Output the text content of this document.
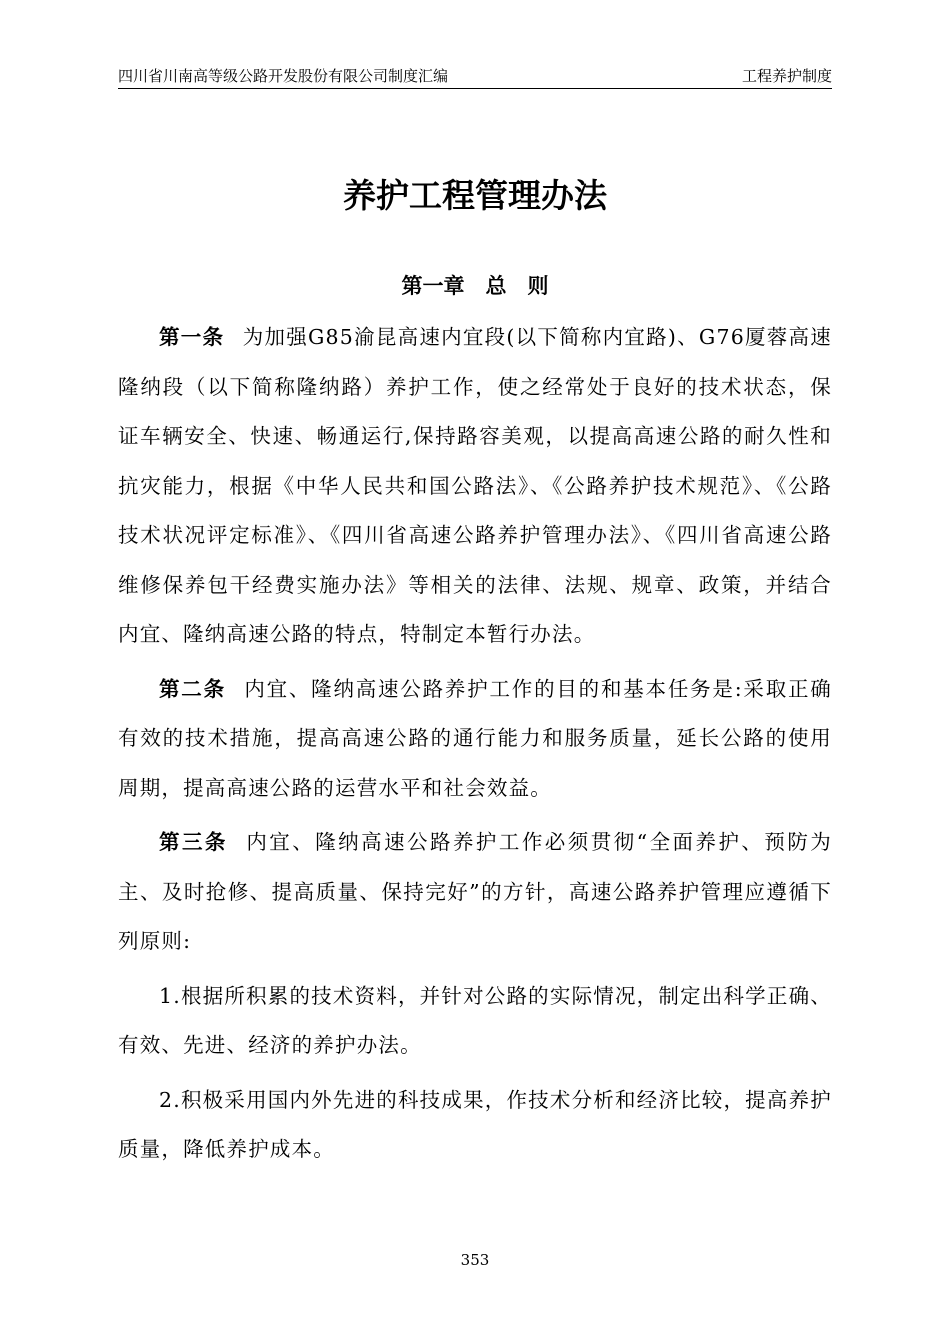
四川省川南高等级公路开发股份有限公司制度汇编	工程养护制度
养护工程管理办法
第一章　总　则

第一条 为加强G85渝昆高速内宜段(以下简称内宜路)、G76厦蓉高速隆纳段（以下简称隆纳路）养护工作，使之经常处于良好的技术状态，保证车辆安全、快速、畅通运行,保持路容美观，以提高高速公路的耐久性和抗灾能力，根据《中华人民共和国公路法》、《公路养护技术规范》、《公路技术状况评定标准》、《四川省高速公路养护管理办法》、《四川省高速公路维修保养包干经费实施办法》等相关的法律、法规、规章、政策，并结合内宜、隆纳高速公路的特点，特制定本暂行办法。

第二条 内宜、隆纳高速公路养护工作的目的和基本任务是:采取正确有效的技术措施，提高高速公路的通行能力和服务质量，延长公路的使用周期，提高高速公路的运营水平和社会效益。

第三条 内宜、隆纳高速公路养护工作必须贯彻“全面养护、预防为主、及时抢修、提高质量、保持完好”的方针，高速公路养护管理应遵循下列原则:

1.根据所积累的技术资料，并针对公路的实际情况，制定出科学正确、有效、先进、经济的养护办法。

2.积极采用国内外先进的科技成果，作技术分析和经济比较，提高养护质量，降低养护成本。

353
